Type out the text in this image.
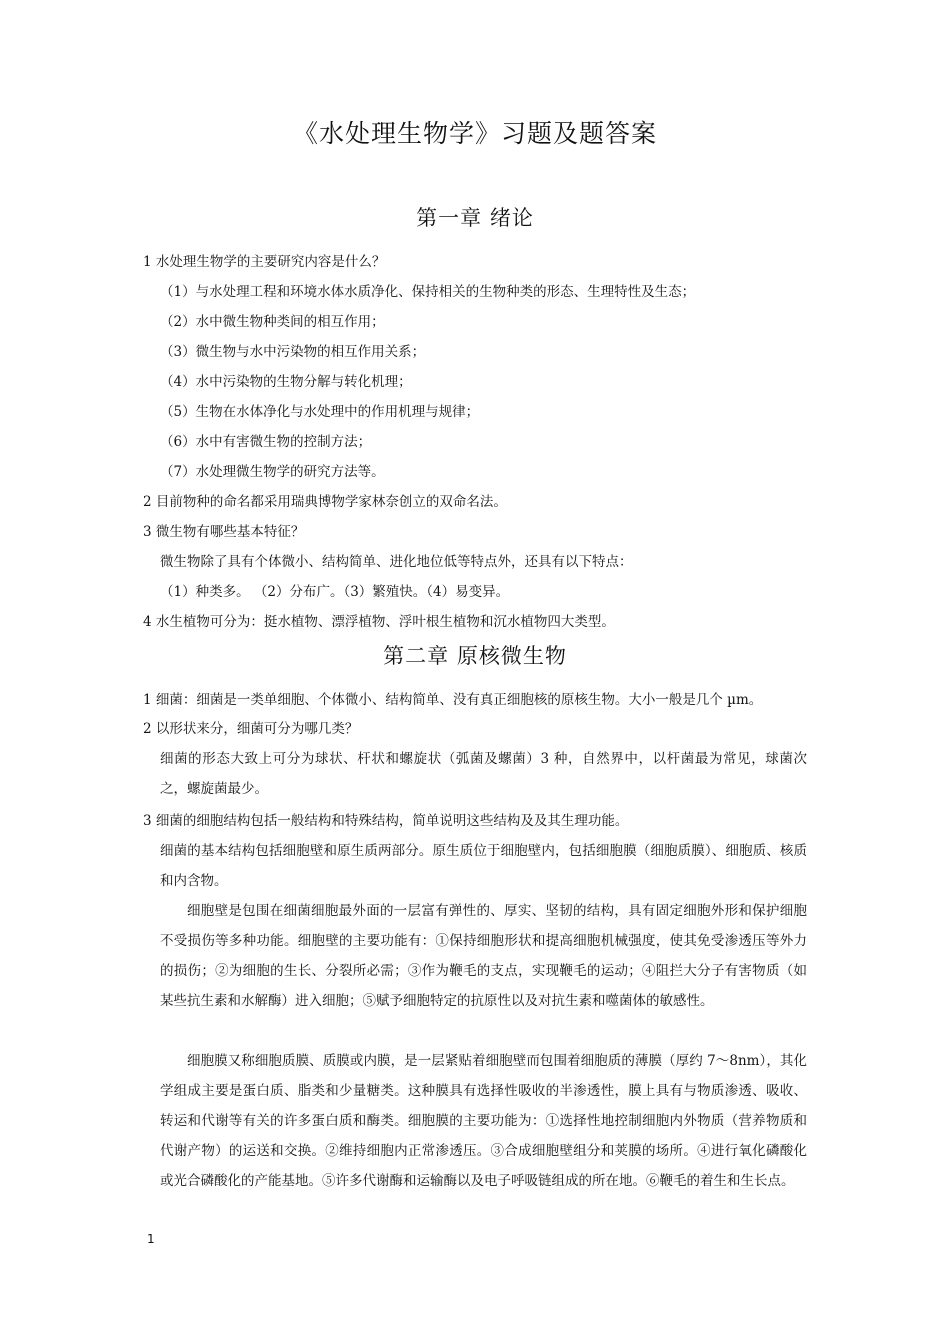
《水处理生物学》习题及题答案
第一章 绪论
1 水处理生物学的主要研究内容是什么？
（1）与水处理工程和环境水体水质净化、保持相关的生物种类的形态、生理特性及生态；
（2）水中微生物种类间的相互作用；
（3）微生物与水中污染物的相互作用关系；
（4）水中污染物的生物分解与转化机理；
（5）生物在水体净化与水处理中的作用机理与规律；
（6）水中有害微生物的控制方法；
（7）水处理微生物学的研究方法等。
2 目前物种的命名都采用瑞典博物学家林奈创立的双命名法。
3 微生物有哪些基本特征？
微生物除了具有个体微小、结构简单、进化地位低等特点外，还具有以下特点：
（1）种类多。 （2）分布广。（3）繁殖快。（4）易变异。
4 水生植物可分为：挺水植物、漂浮植物、浮叶根生植物和沉水植物四大类型。
第二章 原核微生物
1 细菌：细菌是一类单细胞、个体微小、结构简单、没有真正细胞核的原核生物。大小一般是几个 µm。
2 以形状来分，细菌可分为哪几类？
细菌的形态大致上可分为球状、杆状和螺旋状（弧菌及螺菌）3 种，自然界中，以杆菌最为常见，球菌次之，螺旋菌最少。
3 细菌的细胞结构包括一般结构和特殊结构，简单说明这些结构及及其生理功能。
细菌的基本结构包括细胞壁和原生质两部分。原生质位于细胞壁内，包括细胞膜（细胞质膜）、细胞质、核质和内含物。
细胞壁是包围在细菌细胞最外面的一层富有弹性的、厚实、坚韧的结构，具有固定细胞外形和保护细胞不受损伤等多种功能。细胞壁的主要功能有：①保持细胞形状和提高细胞机械强度，使其免受渗透压等外力的损伤；②为细胞的生长、分裂所必需；③作为鞭毛的支点，实现鞭毛的运动；④阻拦大分子有害物质（如某些抗生素和水解酶）进入细胞；⑤赋予细胞特定的抗原性以及对抗生素和噬菌体的敏感性。
细胞膜又称细胞质膜、质膜或内膜，是一层紧贴着细胞壁而包围着细胞质的薄膜（厚约 7～8nm），其化学组成主要是蛋白质、脂类和少量糖类。这种膜具有选择性吸收的半渗透性，膜上具有与物质渗透、吸收、转运和代谢等有关的许多蛋白质和酶类。细胞膜的主要功能为：①选择性地控制细胞内外物质（营养物质和代谢产物）的运送和交换。②维持细胞内正常渗透压。③合成细胞壁组分和荚膜的场所。④进行氧化磷酸化或光合磷酸化的产能基地。⑤许多代谢酶和运输酶以及电子呼吸链组成的所在地。⑥鞭毛的着生和生长点。
1
